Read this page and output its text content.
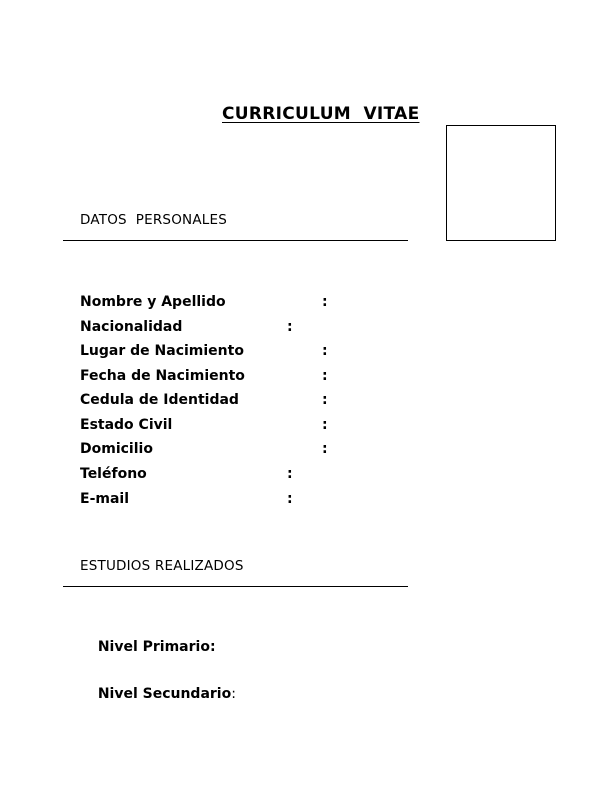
CURRICULUM  VITAE
DATOS  PERSONALES
Nombre y Apellido	:
Nacionalidad	:
Lugar de Nacimiento	:
Fecha de Nacimiento	:
Cedula de Identidad	:
Estado Civil	:
Domicilio	:
Teléfono	:
E-mail	:
ESTUDIOS REALIZADOS

Nivel Primario:

Nivel Secundario:
